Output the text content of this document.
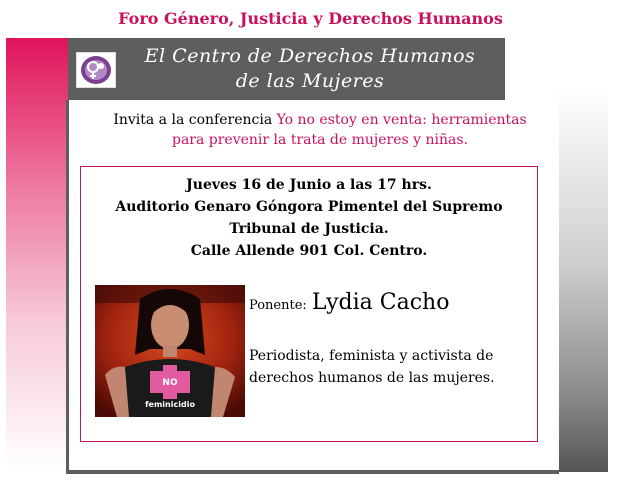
Foro Género, Justicia y Derechos Humanos
Invita a la conferencia Yo no estoy en venta: herramientas
para prevenir la trata de mujeres y niñas.
El Centro de Derechos Humanos
de las Mujeres
Jueves 16 de Junio a las 17 hrs.
Auditorio Genaro Góngora Pimentel del Supremo
Tribunal de Justicia.
Calle Allende 901 Col. Centro.
NO
feminicidio
Ponente: Lydia Cacho
Periodista, feminista y activista de
derechos humanos de las mujeres.
